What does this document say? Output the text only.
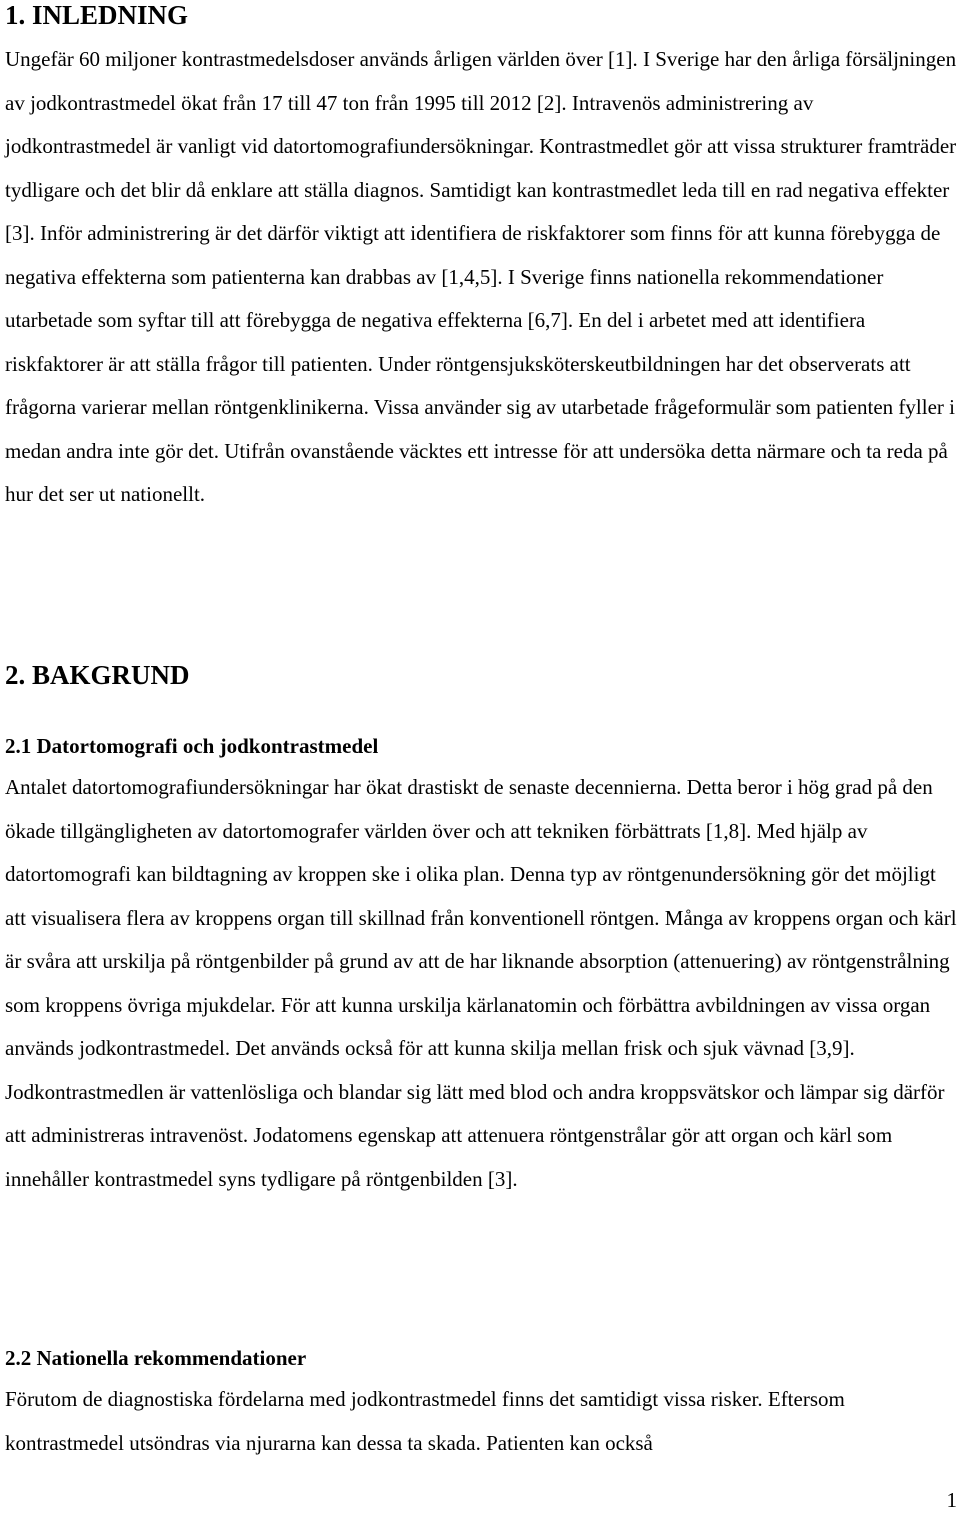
1. INLEDNING

Ungefär 60 miljoner kontrastmedelsdoser används årligen världen över [1]. I Sverige har den årliga försäljningen av jodkontrastmedel ökat från 17 till 47 ton från 1995 till 2012 [2]. Intravenös administrering av jodkontrastmedel är vanligt vid datortomografiundersökningar. Kontrastmedlet gör att vissa strukturer framträder tydligare och det blir då enklare att ställa diagnos. Samtidigt kan kontrastmedlet leda till en rad negativa effekter [3]. Inför administrering är det därför viktigt att identifiera de riskfaktorer som finns för att kunna förebygga de negativa effekterna som patienterna kan drabbas av [1,4,5]. I Sverige finns nationella rekommendationer utarbetade som syftar till att förebygga de negativa effekterna [6,7]. En del i arbetet med att identifiera riskfaktorer är att ställa frågor till patienten. Under röntgensjuksköterskeutbildningen har det observerats att frågorna varierar mellan röntgenklinikerna. Vissa använder sig av utarbetade frågeformulär som patienten fyller i medan andra inte gör det. Utifrån ovanstående väcktes ett intresse för att undersöka detta närmare och ta reda på hur det ser ut nationellt.

2. BAKGRUND
2.1 Datortomografi och jodkontrastmedel

Antalet datortomografiundersökningar har ökat drastiskt de senaste decennierna. Detta beror i hög grad på den ökade tillgängligheten av datortomografer världen över och att tekniken förbättrats [1,8]. Med hjälp av datortomografi kan bildtagning av kroppen ske i olika plan. Denna typ av röntgenundersökning gör det möjligt att visualisera flera av kroppens organ till skillnad från konventionell röntgen. Många av kroppens organ och kärl är svåra att urskilja på röntgenbilder på grund av att de har liknande absorption (attenuering) av röntgenstrålning som kroppens övriga mjukdelar. För att kunna urskilja kärlanatomin och förbättra avbildningen av vissa organ används jodkontrastmedel. Det används också för att kunna skilja mellan frisk och sjuk vävnad [3,9]. Jodkontrastmedlen är vattenlösliga och blandar sig lätt med blod och andra kroppsvätskor och lämpar sig därför att administreras intravenöst. Jodatomens egenskap att attenuera röntgenstrålar gör att organ och kärl som innehåller kontrastmedel syns tydligare på röntgenbilden [3].

2.2 Nationella rekommendationer

Förutom de diagnostiska fördelarna med jodkontrastmedel finns det samtidigt vissa risker. Eftersom kontrastmedel utsöndras via njurarna kan dessa ta skada. Patienten kan också

1
